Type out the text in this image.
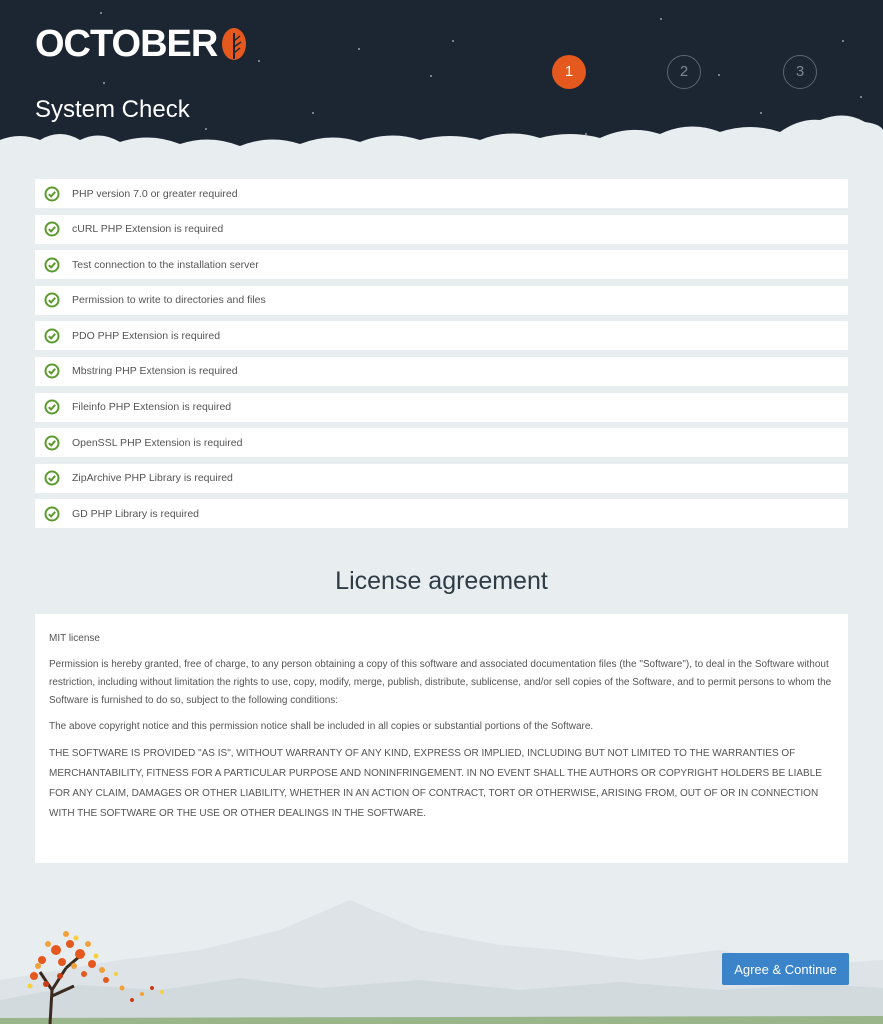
OCTOBER
System Check
1	2	3
PHP version 7.0 or greater required
cURL PHP Extension is required
Test connection to the installation server
Permission to write to directories and files
PDO PHP Extension is required
Mbstring PHP Extension is required
Fileinfo PHP Extension is required
OpenSSL PHP Extension is required
ZipArchive PHP Library is required
GD PHP Library is required
License agreement

MIT license

Permission is hereby granted, free of charge, to any person obtaining a copy of this software and associated documentation files (the "Software"), to deal in the Software without restriction, including without limitation the rights to use, copy, modify, merge, publish, distribute, sublicense, and/or sell copies of the Software, and to permit persons to whom the Software is furnished to do so, subject to the following conditions:

The above copyright notice and this permission notice shall be included in all copies or substantial portions of the Software.

THE SOFTWARE IS PROVIDED "AS IS", WITHOUT WARRANTY OF ANY KIND, EXPRESS OR IMPLIED, INCLUDING BUT NOT LIMITED TO THE WARRANTIES OF MERCHANTABILITY, FITNESS FOR A PARTICULAR PURPOSE AND NONINFRINGEMENT. IN NO EVENT SHALL THE AUTHORS OR COPYRIGHT HOLDERS BE LIABLE FOR ANY CLAIM, DAMAGES OR OTHER LIABILITY, WHETHER IN AN ACTION OF CONTRACT, TORT OR OTHERWISE, ARISING FROM, OUT OF OR IN CONNECTION WITH THE SOFTWARE OR THE USE OR OTHER DEALINGS IN THE SOFTWARE.

Agree & Continue
